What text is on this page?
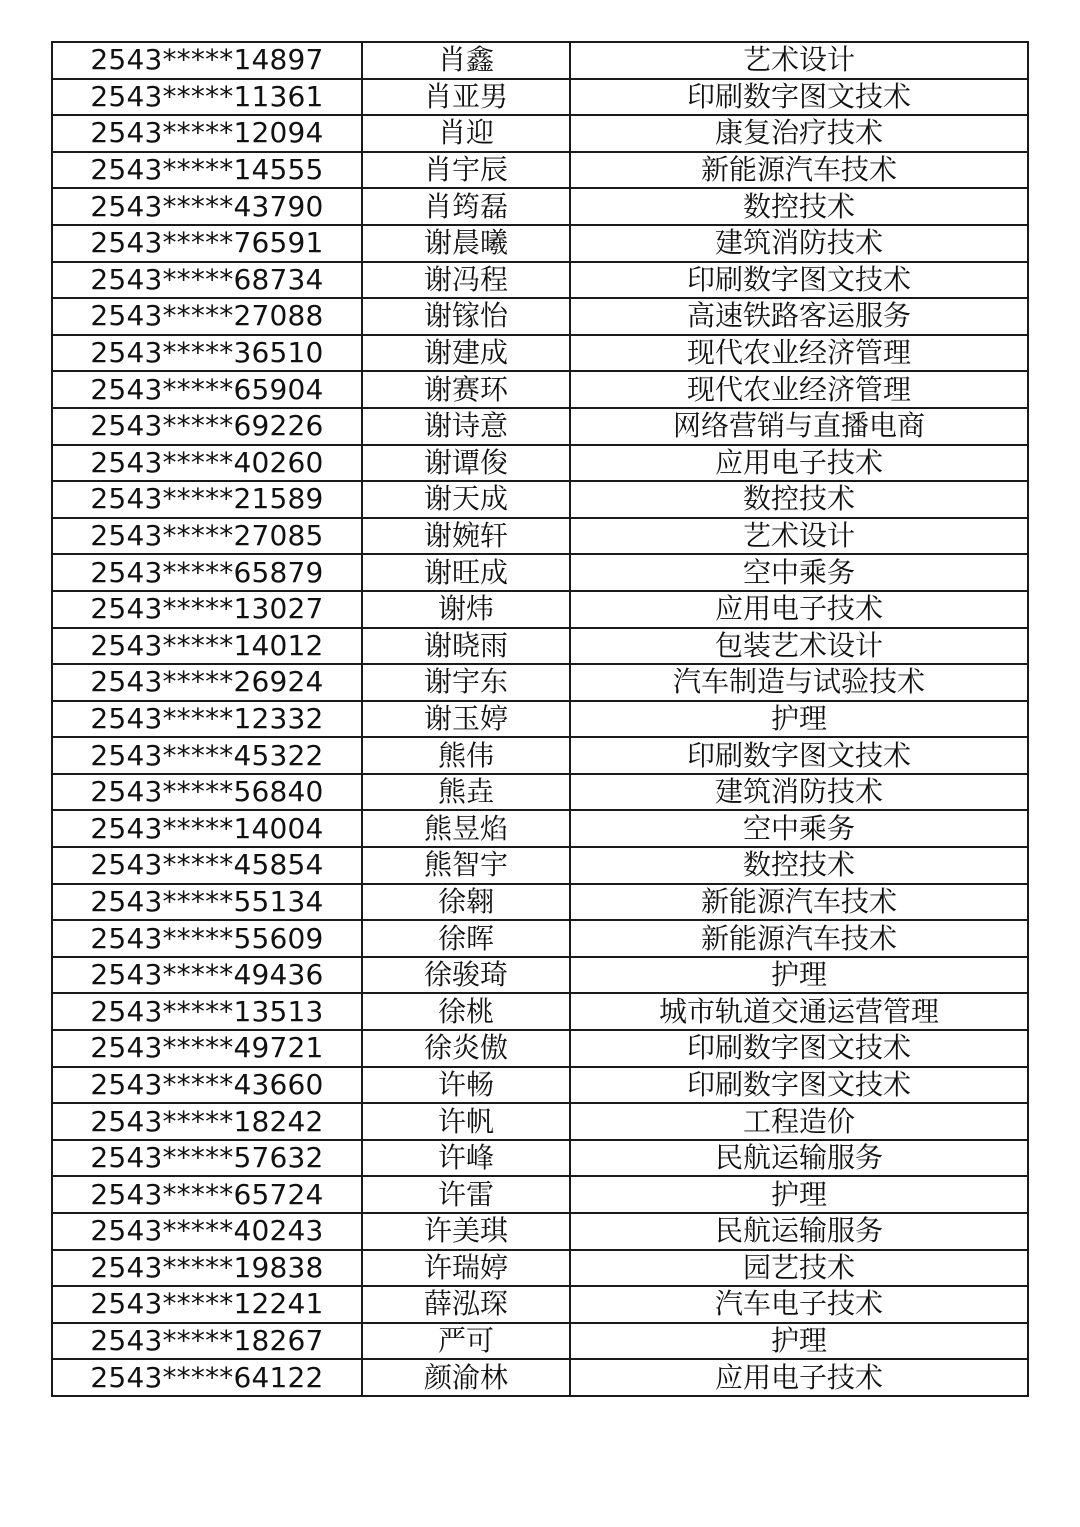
2543*****14897	肖鑫	艺术设计
2543*****11361	肖亚男	印刷数字图文技术
2543*****12094	肖迎	康复治疗技术
2543*****14555	肖宇辰	新能源汽车技术
2543*****43790	肖筠磊	数控技术
2543*****76591	谢晨曦	建筑消防技术
2543*****68734	谢冯程	印刷数字图文技术
2543*****27088	谢镓怡	高速铁路客运服务
2543*****36510	谢建成	现代农业经济管理
2543*****65904	谢赛环	现代农业经济管理
2543*****69226	谢诗意	网络营销与直播电商
2543*****40260	谢谭俊	应用电子技术
2543*****21589	谢天成	数控技术
2543*****27085	谢婉轩	艺术设计
2543*****65879	谢旺成	空中乘务
2543*****13027	谢炜	应用电子技术
2543*****14012	谢晓雨	包装艺术设计
2543*****26924	谢宇东	汽车制造与试验技术
2543*****12332	谢玉婷	护理
2543*****45322	熊伟	印刷数字图文技术
2543*****56840	熊垚	建筑消防技术
2543*****14004	熊昱焰	空中乘务
2543*****45854	熊智宇	数控技术
2543*****55134	徐翱	新能源汽车技术
2543*****55609	徐晖	新能源汽车技术
2543*****49436	徐骏琦	护理
2543*****13513	徐桃	城市轨道交通运营管理
2543*****49721	徐炎傲	印刷数字图文技术
2543*****43660	许畅	印刷数字图文技术
2543*****18242	许帆	工程造价
2543*****57632	许峰	民航运输服务
2543*****65724	许雷	护理
2543*****40243	许美琪	民航运输服务
2543*****19838	许瑞婷	园艺技术
2543*****12241	薛泓琛	汽车电子技术
2543*****18267	严可	护理
2543*****64122	颜渝林	应用电子技术
